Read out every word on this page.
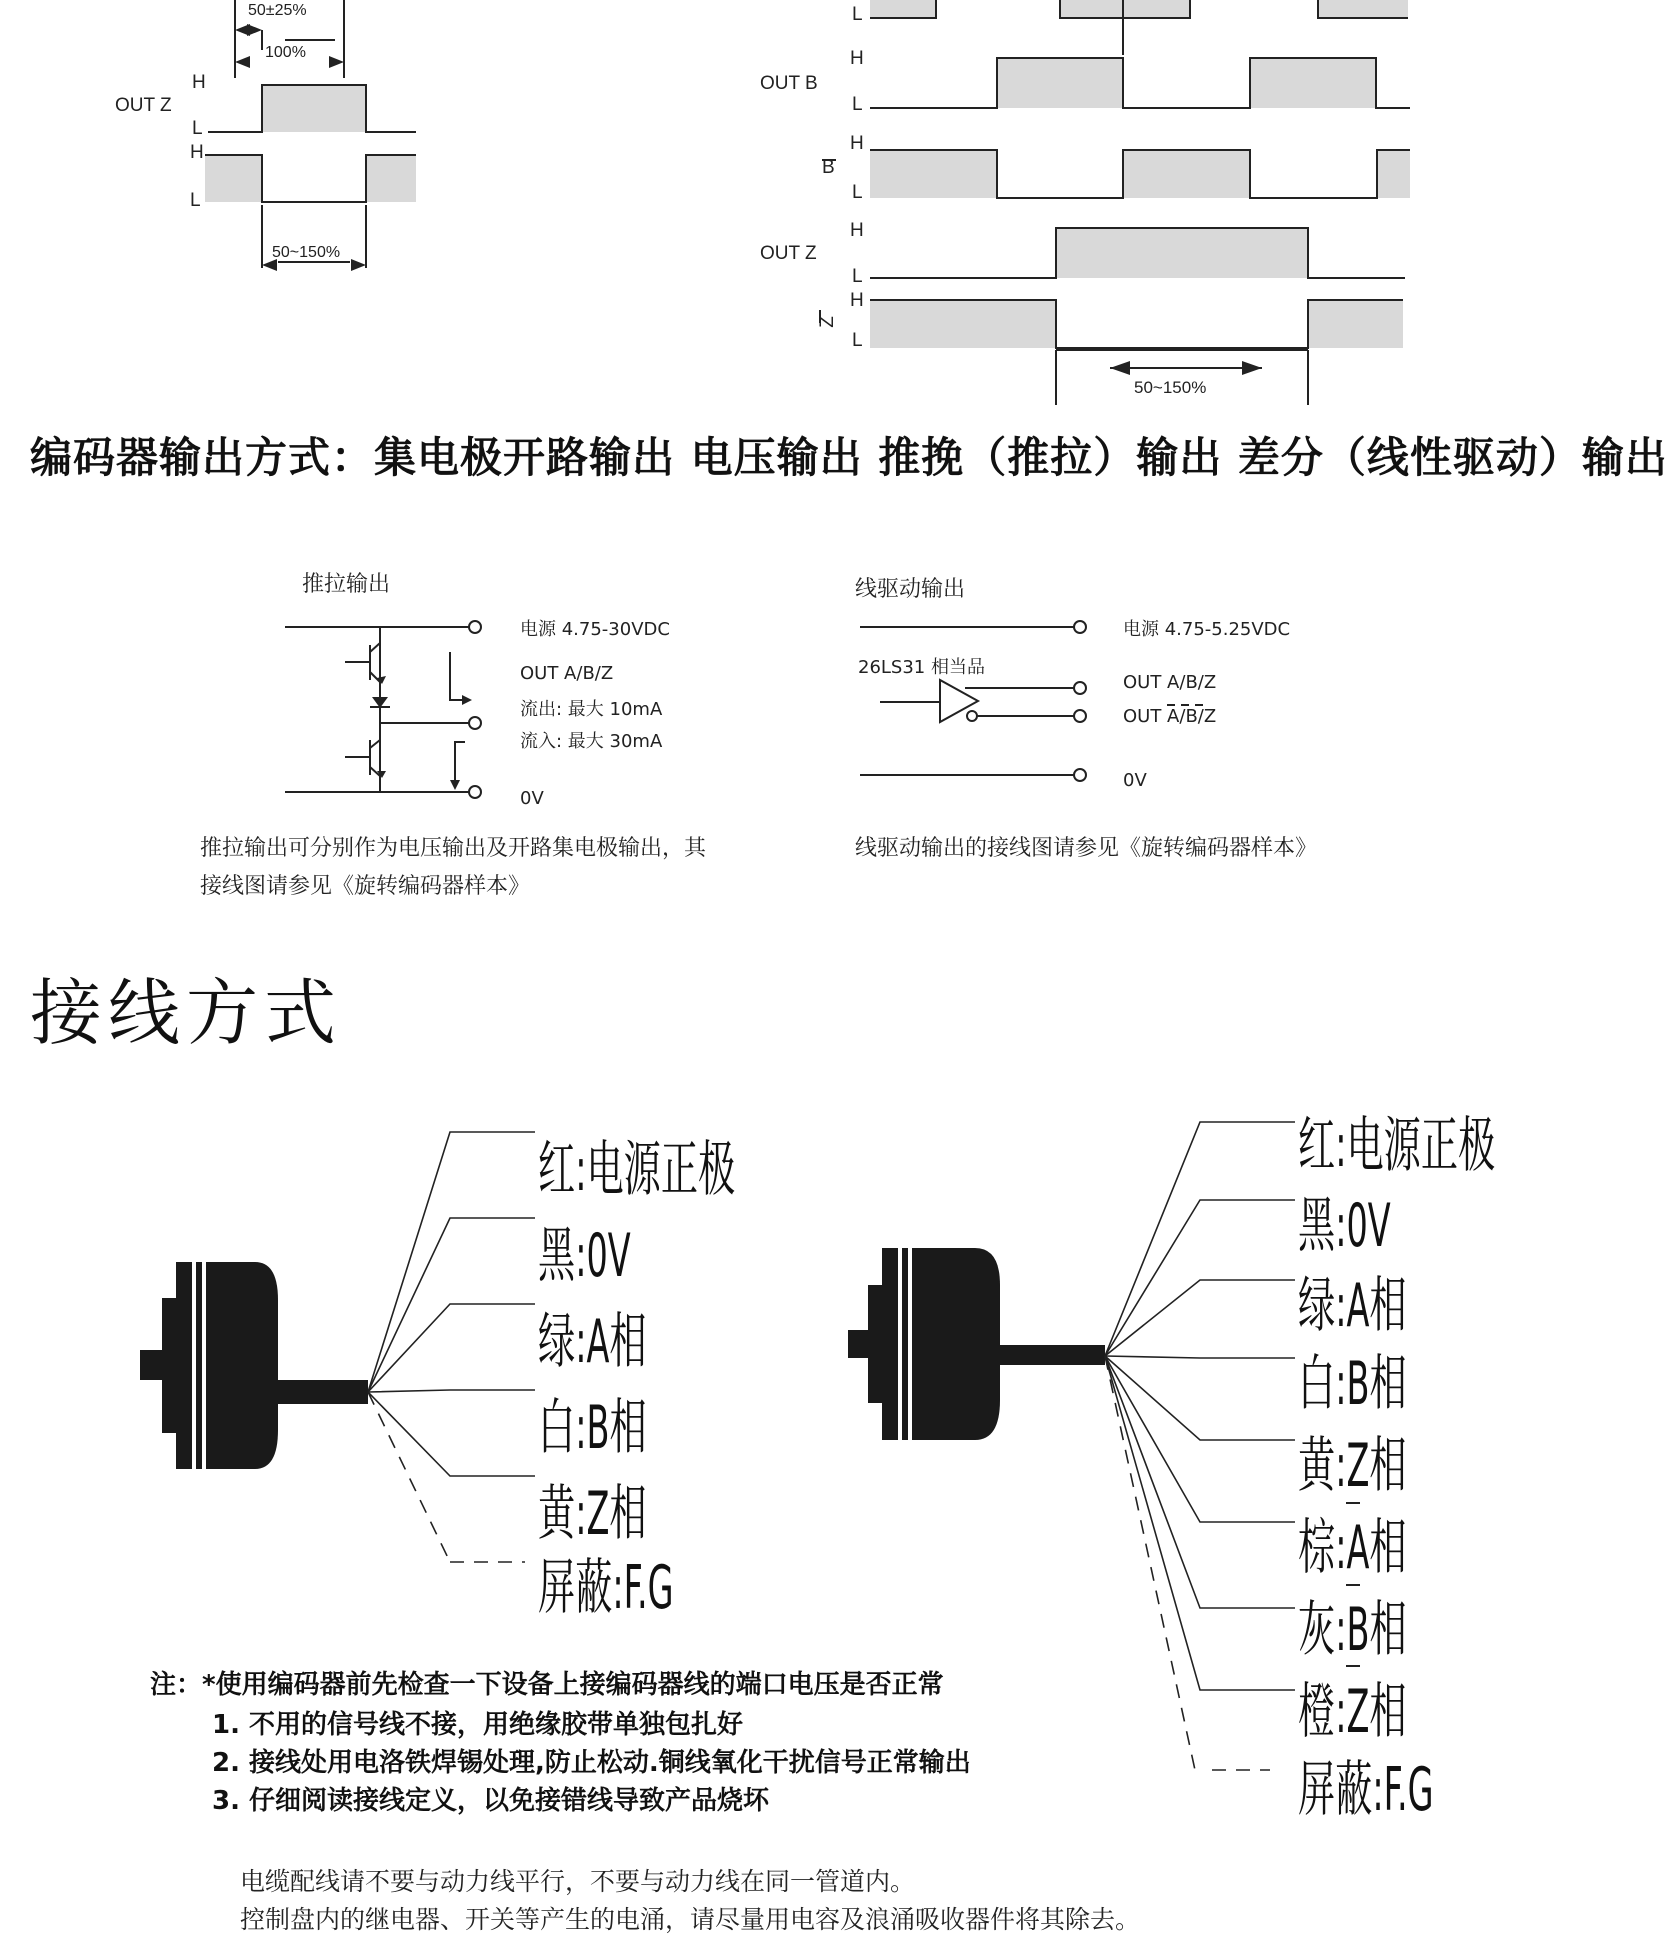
50±25%
100%
OUT Z
H
L
H
L
50~150%
L
OUT B
H
L
B
H
L
OUT Z
H
L
Z
H
L
50~150%
编码器输出方式：集电极开路输出 电压输出 推挽（推拉）输出 差分（线性驱动）输出
推拉输出
电源 4.75-30VDC
OUT A/B/Z
流出: 最大 10mA
流入: 最大 30mA
0V
推拉输出可分别作为电压输出及开路集电极输出，其接线图请参见《旋转编码器样本》
线驱动输出
电源 4.75-5.25VDC
26LS31 相当品
OUT A/B/Z
OUT A/B/Z
0V
线驱动输出的接线图请参见《旋转编码器样本》
接线方式
红:电源正极
黑:0V
绿:A相
白:B相
黄:Z相
屏蔽:F.G
红:电源正极
黑:0V
绿:A相
白:B相
黄:Z相
棕:A相
灰:B相
橙:Z相
屏蔽:F.G
注：*使用编码器前先检查一下设备上接编码器线的端口电压是否正常
1. 不用的信号线不接，用绝缘胶带单独包扎好
2. 接线处用电洛铁焊锡处理,防止松动.铜线氧化干扰信号正常输出
3. 仔细阅读接线定义，以免接错线导致产品烧坏
电缆配线请不要与动力线平行，不要与动力线在同一管道内。
控制盘内的继电器、开关等产生的电涌，请尽量用电容及浪涌吸收器件将其除去。
